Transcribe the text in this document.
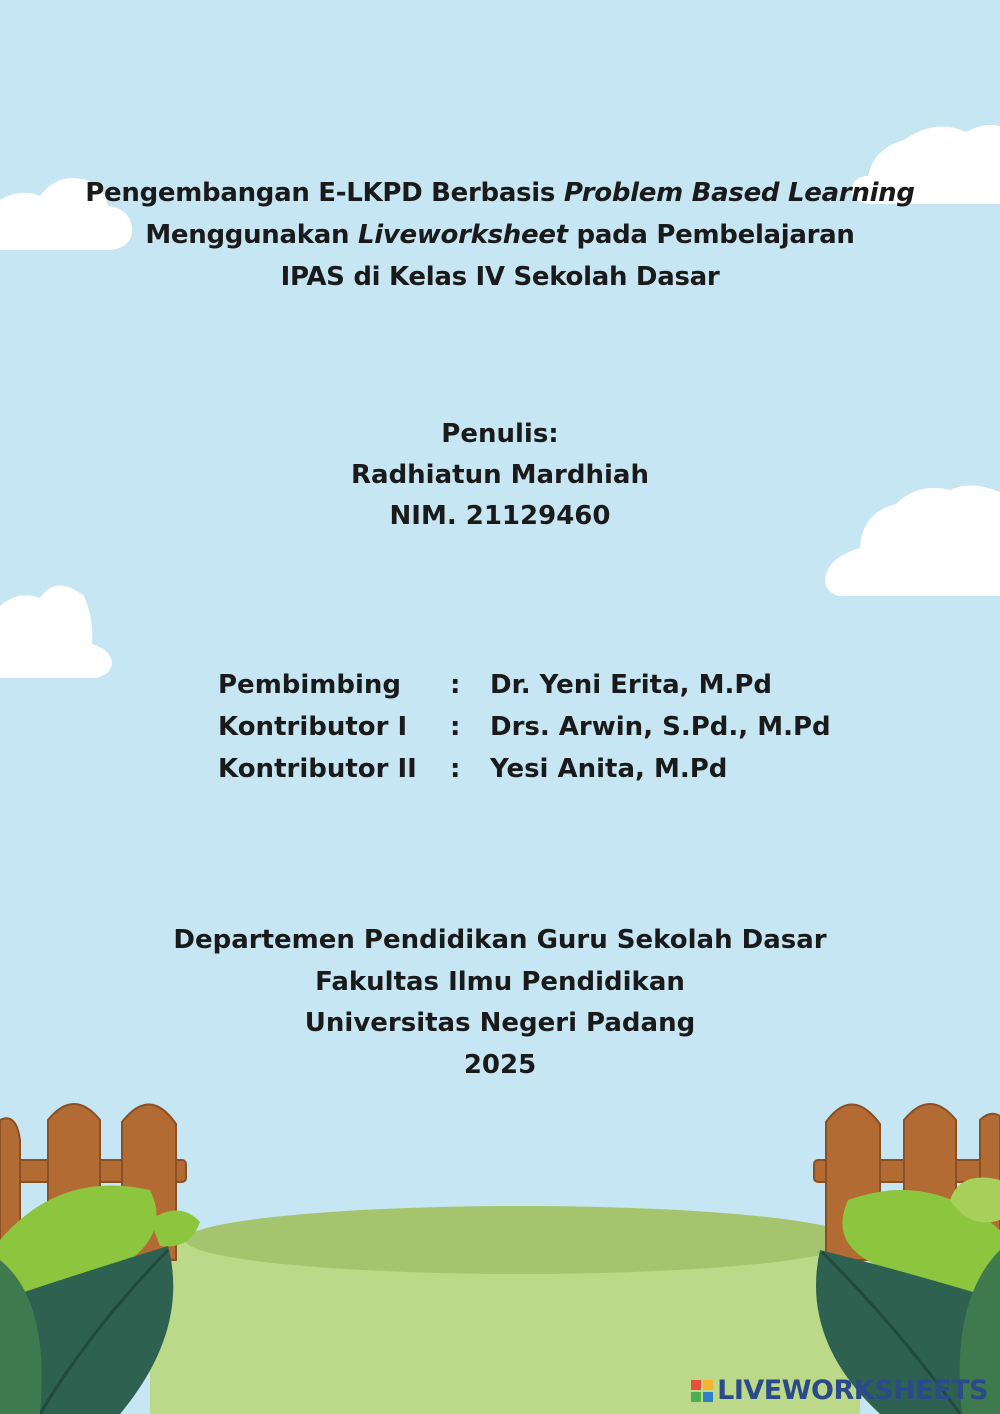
Pengembangan E-LKPD Berbasis Problem Based Learning
Menggunakan Liveworksheet pada Pembelajaran
IPAS di Kelas IV Sekolah Dasar
Penulis:
Radhiatun Mardhiah
NIM. 21129460
Pembimbing	:	Dr. Yeni Erita, M.Pd
Kontributor I	:	Drs. Arwin, S.Pd., M.Pd
Kontributor II	:	Yesi Anita, M.Pd
Departemen Pendidikan Guru Sekolah Dasar
Fakultas Ilmu Pendidikan
Universitas Negeri Padang
2025
LIVEWORKSHEETS
